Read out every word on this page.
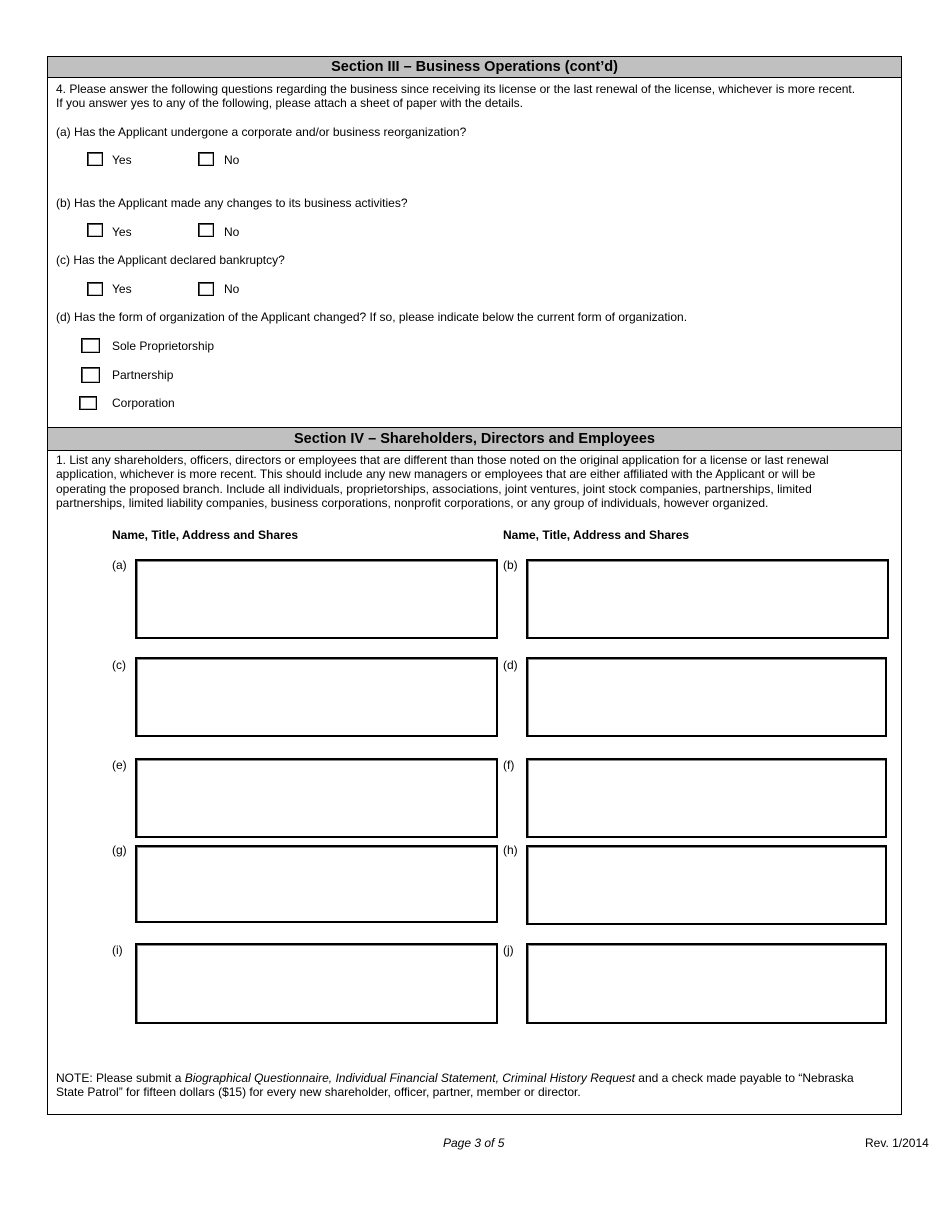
Section III – Business Operations (cont’d)
4. Please answer the following questions regarding the business since receiving its license or the last renewal of the license, whichever is more recent.
If you answer yes to any of the following, please attach a sheet of paper with the details.
(a) Has the Applicant undergone a corporate and/or business reorganization?
Yes	No
(b) Has the Applicant made any changes to its business activities?
Yes	No
(c) Has the Applicant declared bankruptcy?
Yes	No
(d) Has the form of organization of the Applicant changed? If so, please indicate below the current form of organization.
Sole Proprietorship
Partnership
Corporation
Section IV – Shareholders, Directors and Employees
1. List any shareholders, officers, directors or employees that are different than those noted on the original application for a license or last renewal
application, whichever is more recent. This should include any new managers or employees that are either affiliated with the Applicant or will be
operating the proposed branch. Include all individuals, proprietorships, associations, joint ventures, joint stock companies, partnerships, limited
partnerships, limited liability companies, business corporations, nonprofit corporations, or any group of individuals, however organized.
Name, Title, Address and Shares	Name, Title, Address and Shares
(a)	(b)
(c)	(d)
(e)	(f)
(g)	(h)
(i)	(j)
NOTE: Please submit a Biographical Questionnaire, Individual Financial Statement, Criminal History Request and a check made payable to “Nebraska
State Patrol” for fifteen dollars ($15) for every new shareholder, officer, partner, member or director.
Page 3 of 5	Rev. 1/2014
